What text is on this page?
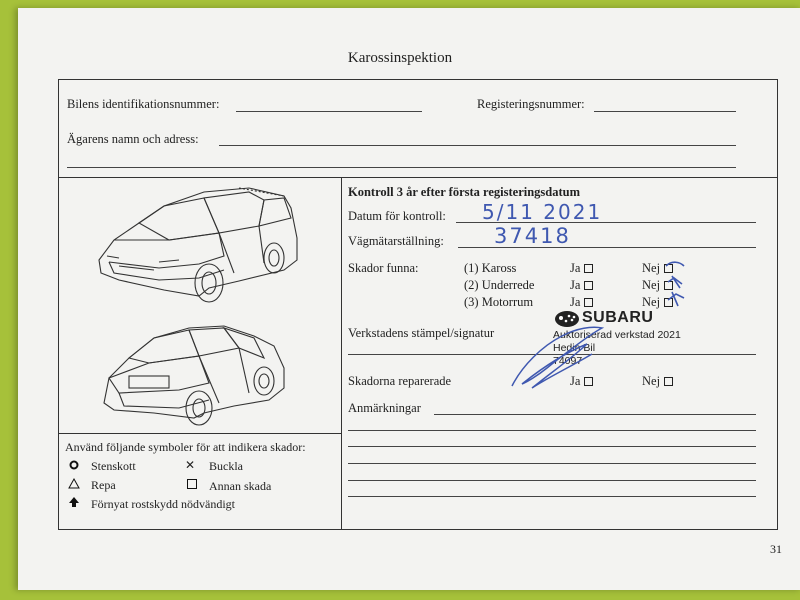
Karossinspektion
Bilens identifikationsnummer:	Registeringsnummer:
Ägarens namn och adress:
Använd följande symboler för att indikera skador:
Stenskott	✕ Buckla
Repa	Annan skada
Förnyat rostskydd nödvändigt
Kontroll 3 år efter första registeringsdatum
Datum för kontroll: 5/11 2021
Vägmätarställning: 37418
Skador funna:	(1) Kaross	Ja	Nej
(2) Underrede	Ja	Nej
(3) Motorrum	Ja	Nej
Verkstadens stämpel/signatur
SUBARU
Auktoriserad verkstad 2021
Hedin Bil
74097
Skadorna reparerade	Ja	Nej
Anmärkningar
31
